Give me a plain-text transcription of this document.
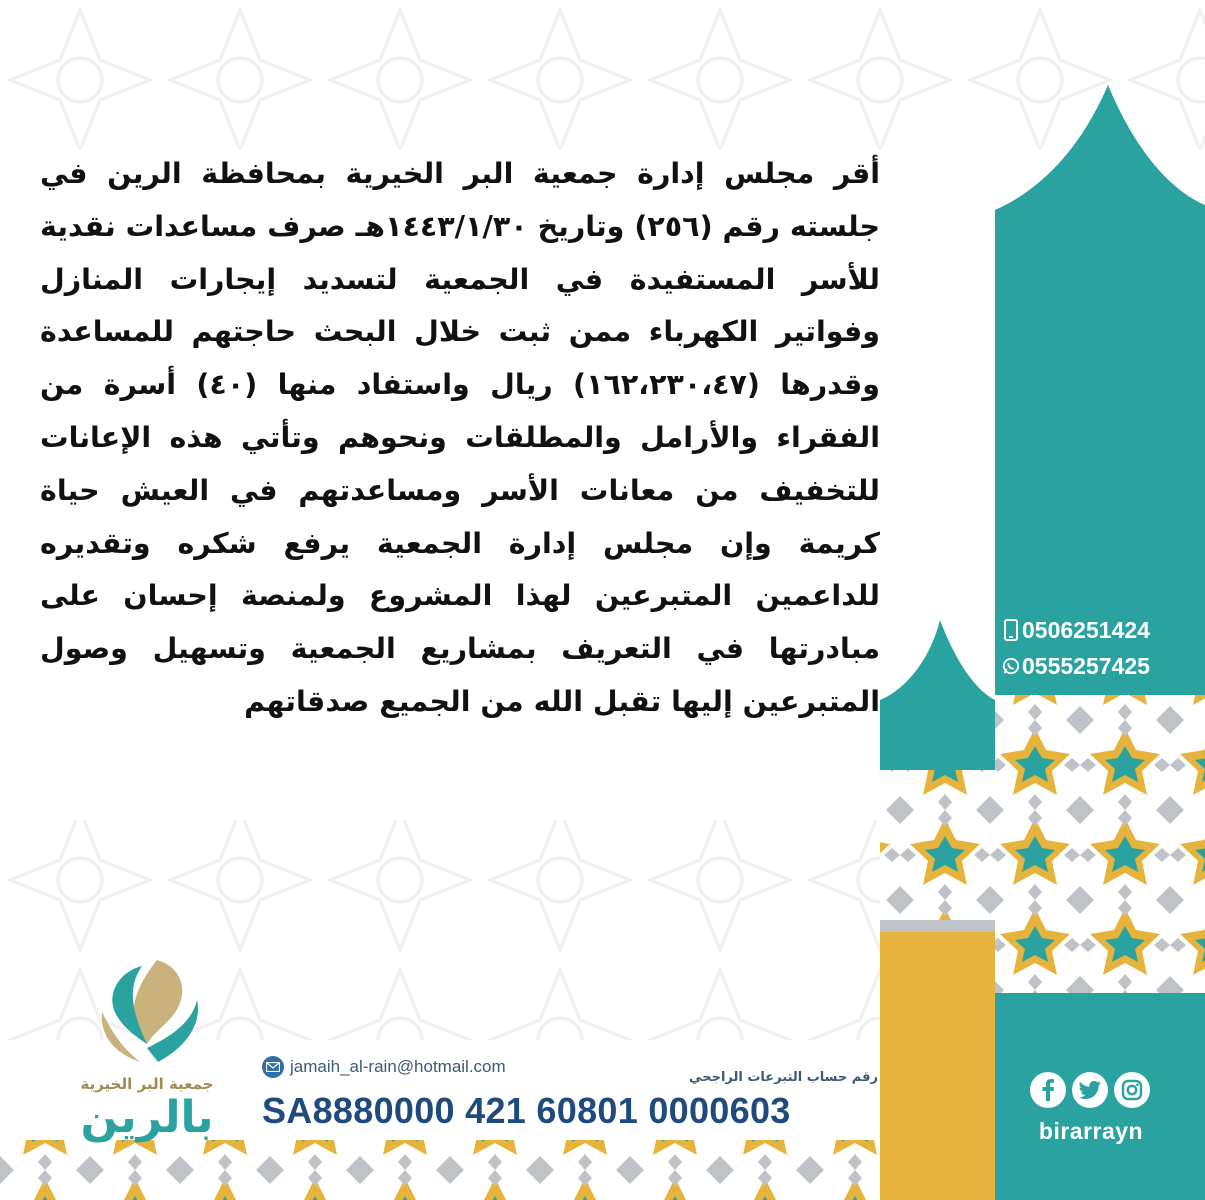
أقر مجلس إدارة جمعية البر الخيرية بمحافظة الرين في جلسته رقم (٢٥٦) وتاريخ ١٤٤٣/١/٣٠هـ صرف مساعدات نقدية للأسر المستفيدة في الجمعية لتسديد إيجارات المنازل وفواتير الكهرباء ممن ثبت خلال البحث حاجتهم للمساعدة وقدرها (١٦٢،٢٣٠،٤٧) ريال واستفاد منها (٤٠) أسرة من الفقراء والأرامل والمطلقات ونحوهم وتأتي هذه الإعانات للتخفيف من معانات الأسر ومساعدتهم في العيش حياة كريمة وإن مجلس إدارة الجمعية يرفع شكره وتقديره للداعمين المتبرعين لهذا المشروع ولمنصة إحسان على مبادرتها في التعريف بمشاريع الجمعية وتسهيل وصول المتبرعين إليها تقبل الله من الجميع صدقاتهم
0506251424
0555257425
birarrayn
جمعية البر الخيرية
بالرين
jamaih_al-rain@hotmail.com
رقم حساب التبرعات الراجحي
SA8880000 421 60801 0000603
